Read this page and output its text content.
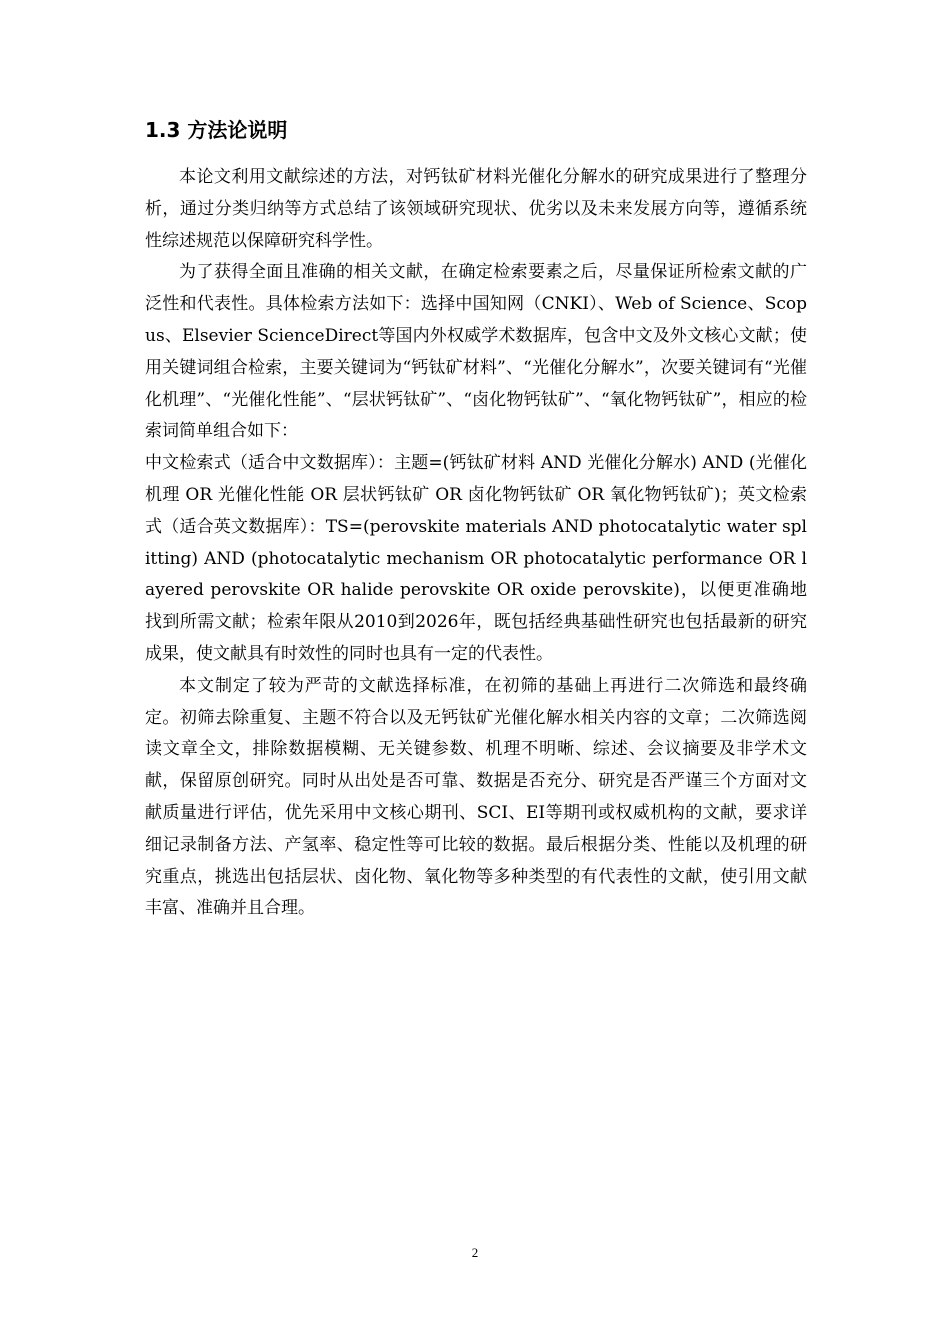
1.3 方法论说明

本论文利用文献综述的方法，对钙钛矿材料光催化分解水的研究成果进行了整理分析，通过分类归纳等方式总结了该领域研究现状、优劣以及未来发展方向等，遵循系统性综述规范以保障研究科学性。

为了获得全面且准确的相关文献，在确定检索要素之后，尽量保证所检索文献的广泛性和代表性。具体检索方法如下：选择中国知网（CNKI）、Web of Science、Scopus、Elsevier ScienceDirect等国内外权威学术数据库，包含中文及外文核心文献；使用关键词组合检索，主要关键词为“钙钛矿材料”、“光催化分解水”，次要关键词有“光催化机理”、“光催化性能”、“层状钙钛矿”、“卤化物钙钛矿”、“氧化物钙钛矿”，相应的检索词简单组合如下：

中文检索式（适合中文数据库）：主题=(钙钛矿材料 AND 光催化分解水) AND (光催化机理 OR 光催化性能 OR 层状钙钛矿 OR 卤化物钙钛矿 OR 氧化物钙钛矿)；英文检索式（适合英文数据库）：TS=(perovskite materials AND photocatalytic water splitting) AND (photocatalytic mechanism OR photocatalytic performance OR layered perovskite OR halide perovskite OR oxide perovskite)，以便更准确地找到所需文献；检索年限从2010到2026年，既包括经典基础性研究也包括最新的研究成果，使文献具有时效性的同时也具有一定的代表性。

本文制定了较为严苛的文献选择标准，在初筛的基础上再进行二次筛选和最终确定。初筛去除重复、主题不符合以及无钙钛矿光催化解水相关内容的文章；二次筛选阅读文章全文，排除数据模糊、无关键参数、机理不明晰、综述、会议摘要及非学术文献，保留原创研究。同时从出处是否可靠、数据是否充分、研究是否严谨三个方面对文献质量进行评估，优先采用中文核心期刊、SCI、EI等期刊或权威机构的文献，要求详细记录制备方法、产氢率、稳定性等可比较的数据。最后根据分类、性能以及机理的研究重点，挑选出包括层状、卤化物、氧化物等多种类型的有代表性的文献，使引用文献丰富、准确并且合理。

2
